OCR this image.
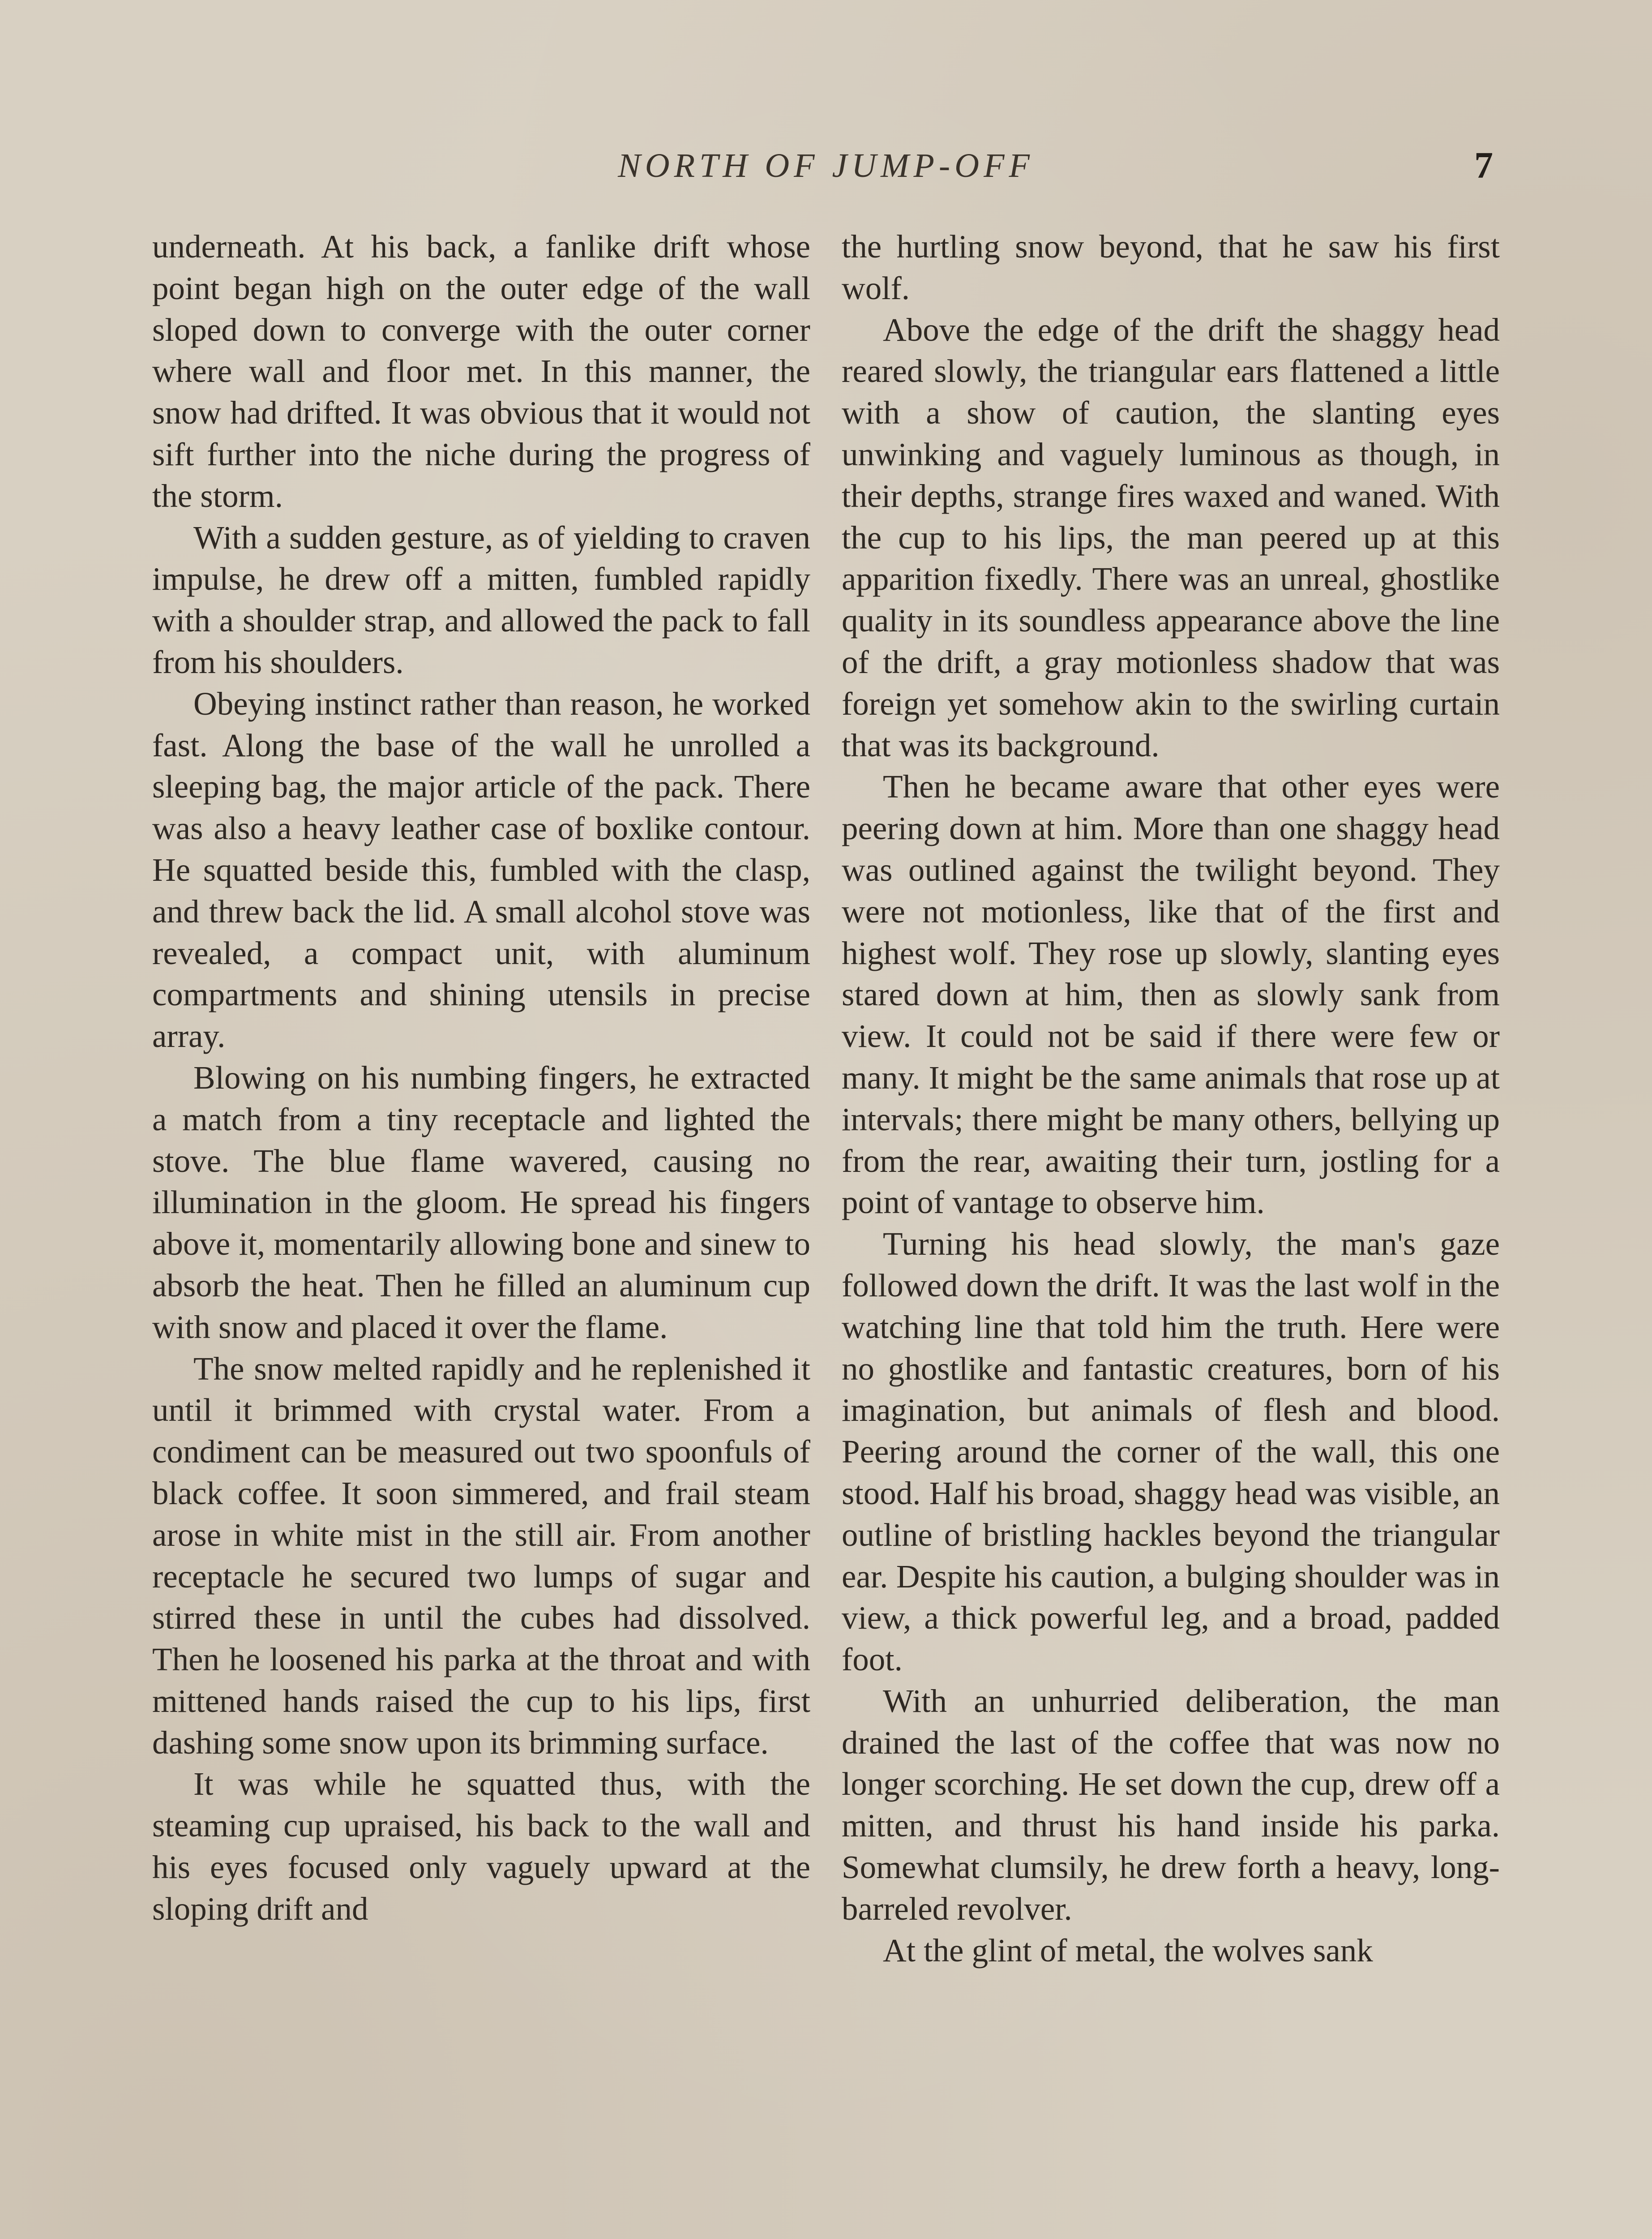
NORTH OF JUMP-OFF	7

underneath. At his back, a fanlike drift whose point began high on the outer edge of the wall sloped down to converge with the outer corner where wall and floor met. In this manner, the snow had drifted. It was obvious that it would not sift further into the niche during the progress of the storm.

With a sudden gesture, as of yielding to craven impulse, he drew off a mitten, fumbled rapidly with a shoulder strap, and allowed the pack to fall from his shoulders.

Obeying instinct rather than reason, he worked fast. Along the base of the wall he unrolled a sleeping bag, the major article of the pack. There was also a heavy leather case of boxlike contour. He squatted beside this, fumbled with the clasp, and threw back the lid. A small alcohol stove was revealed, a compact unit, with aluminum compartments and shining utensils in precise array.

Blowing on his numbing fingers, he extracted a match from a tiny receptacle and lighted the stove. The blue flame wavered, causing no illumination in the gloom. He spread his fingers above it, momentarily allowing bone and sinew to absorb the heat. Then he filled an aluminum cup with snow and placed it over the flame.

The snow melted rapidly and he replenished it until it brimmed with crystal water. From a condiment can be measured out two spoonfuls of black coffee. It soon simmered, and frail steam arose in white mist in the still air. From another receptacle he secured two lumps of sugar and stirred these in until the cubes had dissolved. Then he loosened his parka at the throat and with mittened hands raised the cup to his lips, first dashing some snow upon its brimming surface.

It was while he squatted thus, with the steaming cup upraised, his back to the wall and his eyes focused only vaguely upward at the sloping drift and

the hurtling snow beyond, that he saw his first wolf.

Above the edge of the drift the shaggy head reared slowly, the triangular ears flattened a little with a show of caution, the slanting eyes unwinking and vaguely luminous as though, in their depths, strange fires waxed and waned. With the cup to his lips, the man peered up at this apparition fixedly. There was an unreal, ghostlike quality in its soundless appearance above the line of the drift, a gray motionless shadow that was foreign yet somehow akin to the swirling curtain that was its background.

Then he became aware that other eyes were peering down at him. More than one shaggy head was outlined against the twilight beyond. They were not motionless, like that of the first and highest wolf. They rose up slowly, slanting eyes stared down at him, then as slowly sank from view. It could not be said if there were few or many. It might be the same animals that rose up at intervals; there might be many others, bellying up from the rear, awaiting their turn, jostling for a point of vantage to observe him.

Turning his head slowly, the man's gaze followed down the drift. It was the last wolf in the watching line that told him the truth. Here were no ghostlike and fantastic creatures, born of his imagination, but animals of flesh and blood. Peering around the corner of the wall, this one stood. Half his broad, shaggy head was visible, an outline of bristling hackles beyond the triangular ear. Despite his caution, a bulging shoulder was in view, a thick powerful leg, and a broad, padded foot.

With an unhurried deliberation, the man drained the last of the coffee that was now no longer scorching. He set down the cup, drew off a mitten, and thrust his hand inside his parka. Somewhat clumsily, he drew forth a heavy, long-barreled revolver.

At the glint of metal, the wolves sank
